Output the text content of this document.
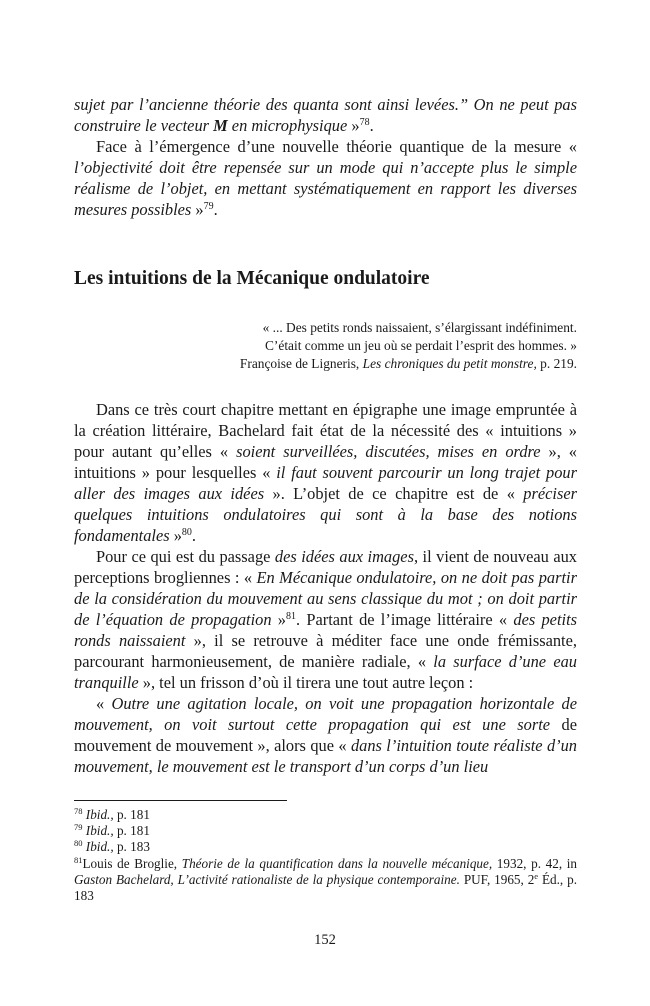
sujet par l’ancienne théorie des quanta sont ainsi levées.” On ne peut pas construire le vecteur M en microphysique »$^{78}$.

Face à l’émergence d’une nouvelle théorie quantique de la mesure « l’objectivité doit être repensée sur un mode qui n’accepte plus le simple réalisme de l’objet, en mettant systématiquement en rapport les diverses mesures possibles »$^{79}$.

Les intuitions de la Mécanique ondulatoire
« ... Des petits ronds naissaient, s’élargissant indéfiniment.
C’était comme un jeu où se perdait l’esprit des hommes. »
Françoise de Ligneris, Les chroniques du petit monstre, p. 219.

Dans ce très court chapitre mettant en épigraphe une image empruntée à la création littéraire, Bachelard fait état de la nécessité des « intuitions » pour autant qu’elles « soient surveillées, discutées, mises en ordre », « intuitions » pour lesquelles « il faut souvent parcourir un long trajet pour aller des images aux idées ». L’objet de ce chapitre est de « préciser quelques intuitions ondulatoires qui sont à la base des notions fondamentales »$^{80}$.

Pour ce qui est du passage des idées aux images, il vient de nouveau aux perceptions brogliennes : « En Mécanique ondulatoire, on ne doit pas partir de la considération du mouvement au sens classique du mot ; on doit partir de l’équation de propagation »$^{81}$. Partant de l’image littéraire « des petits ronds naissaient », il se retrouve à méditer face une onde frémissante, parcourant harmonieusement, de manière radiale, « la surface d’une eau tranquille », tel un frisson d’où il tirera une tout autre leçon :

« Outre une agitation locale, on voit une propagation horizontale de mouvement, on voit surtout cette propagation qui est une sorte de mouvement de mouvement », alors que « dans l’intuition toute réaliste d’un mouvement, le mouvement est le transport d’un corps d’un lieu

$^{78}$ Ibid., p. 181

$^{79}$ Ibid., p. 181

$^{80}$ Ibid., p. 183

$^{81}$Louis de Broglie, Théorie de la quantification dans la nouvelle mécanique, 1932, p. 42, in Gaston Bachelard, L’activité rationaliste de la physique contemporaine. PUF, 1965, 2e Éd., p. 183

152
